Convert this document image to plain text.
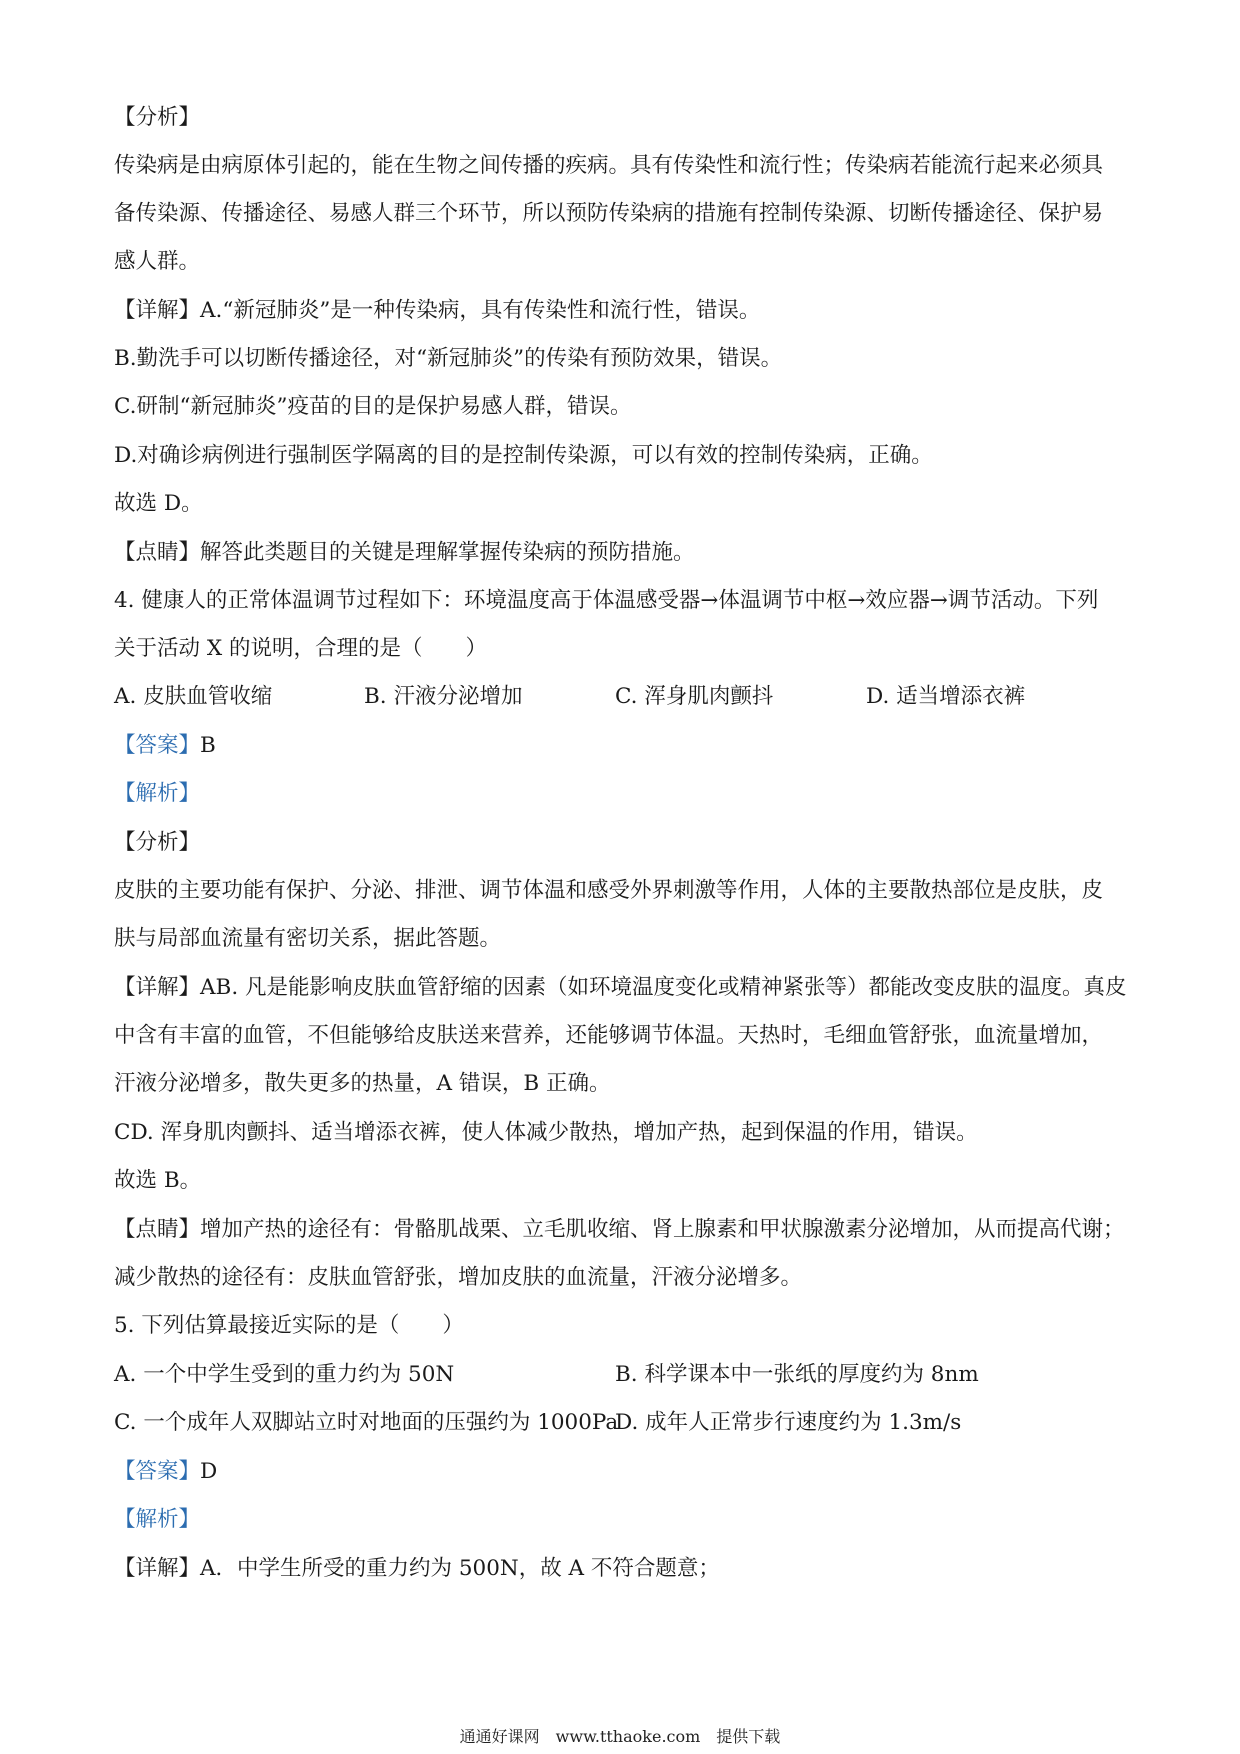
【分析】
传染病是由病原体引起的，能在生物之间传播的疾病。具有传染性和流行性；传染病若能流行起来必须具
备传染源、传播途径、易感人群三个环节，所以预防传染病的措施有控制传染源、切断传播途径、保护易
感人群。
【详解】A.“新冠肺炎”是一种传染病，具有传染性和流行性，错误。
B.勤洗手可以切断传播途径，对“新冠肺炎”的传染有预防效果，错误。
C.研制“新冠肺炎”疫苗的目的是保护易感人群，错误。
D.对确诊病例进行强制医学隔离的目的是控制传染源，可以有效的控制传染病，正确。
故选 D。
【点睛】解答此类题目的关键是理解掌握传染病的预防措施。
4. 健康人的正常体温调节过程如下：环境温度高于体温感受器→体温调节中枢→效应器→调节活动。下列
关于活动 X 的说明，合理的是（　　）
A. 皮肤血管收缩	B. 汗液分泌增加	C. 浑身肌肉颤抖	D. 适当增添衣裤
【答案】B
【解析】
【分析】
皮肤的主要功能有保护、分泌、排泄、调节体温和感受外界刺激等作用，人体的主要散热部位是皮肤，皮
肤与局部血流量有密切关系，据此答题。
【详解】AB. 凡是能影响皮肤血管舒缩的因素（如环境温度变化或精神紧张等）都能改变皮肤的温度。真皮
中含有丰富的血管，不但能够给皮肤送来营养，还能够调节体温。天热时，毛细血管舒张，血流量增加，
汗液分泌增多，散失更多的热量，A 错误，B 正确。
CD. 浑身肌肉颤抖、适当增添衣裤，使人体减少散热，增加产热，起到保温的作用，错误。
故选 B。
【点睛】增加产热的途径有：骨骼肌战栗、立毛肌收缩、肾上腺素和甲状腺激素分泌增加，从而提高代谢；
减少散热的途径有：皮肤血管舒张，增加皮肤的血流量，汗液分泌增多。
5. 下列估算最接近实际的是（　　）
A. 一个中学生受到的重力约为 50N	B. 科学课本中一张纸的厚度约为 8nm
C. 一个成年人双脚站立时对地面的压强约为 1000Pa
D. 成年人正常步行速度约为 1.3m/s
【答案】D
【解析】
【详解】A．中学生所受的重力约为 500N，故 A 不符合题意；
通通好课网　www.tthaoke.com　提供下载
